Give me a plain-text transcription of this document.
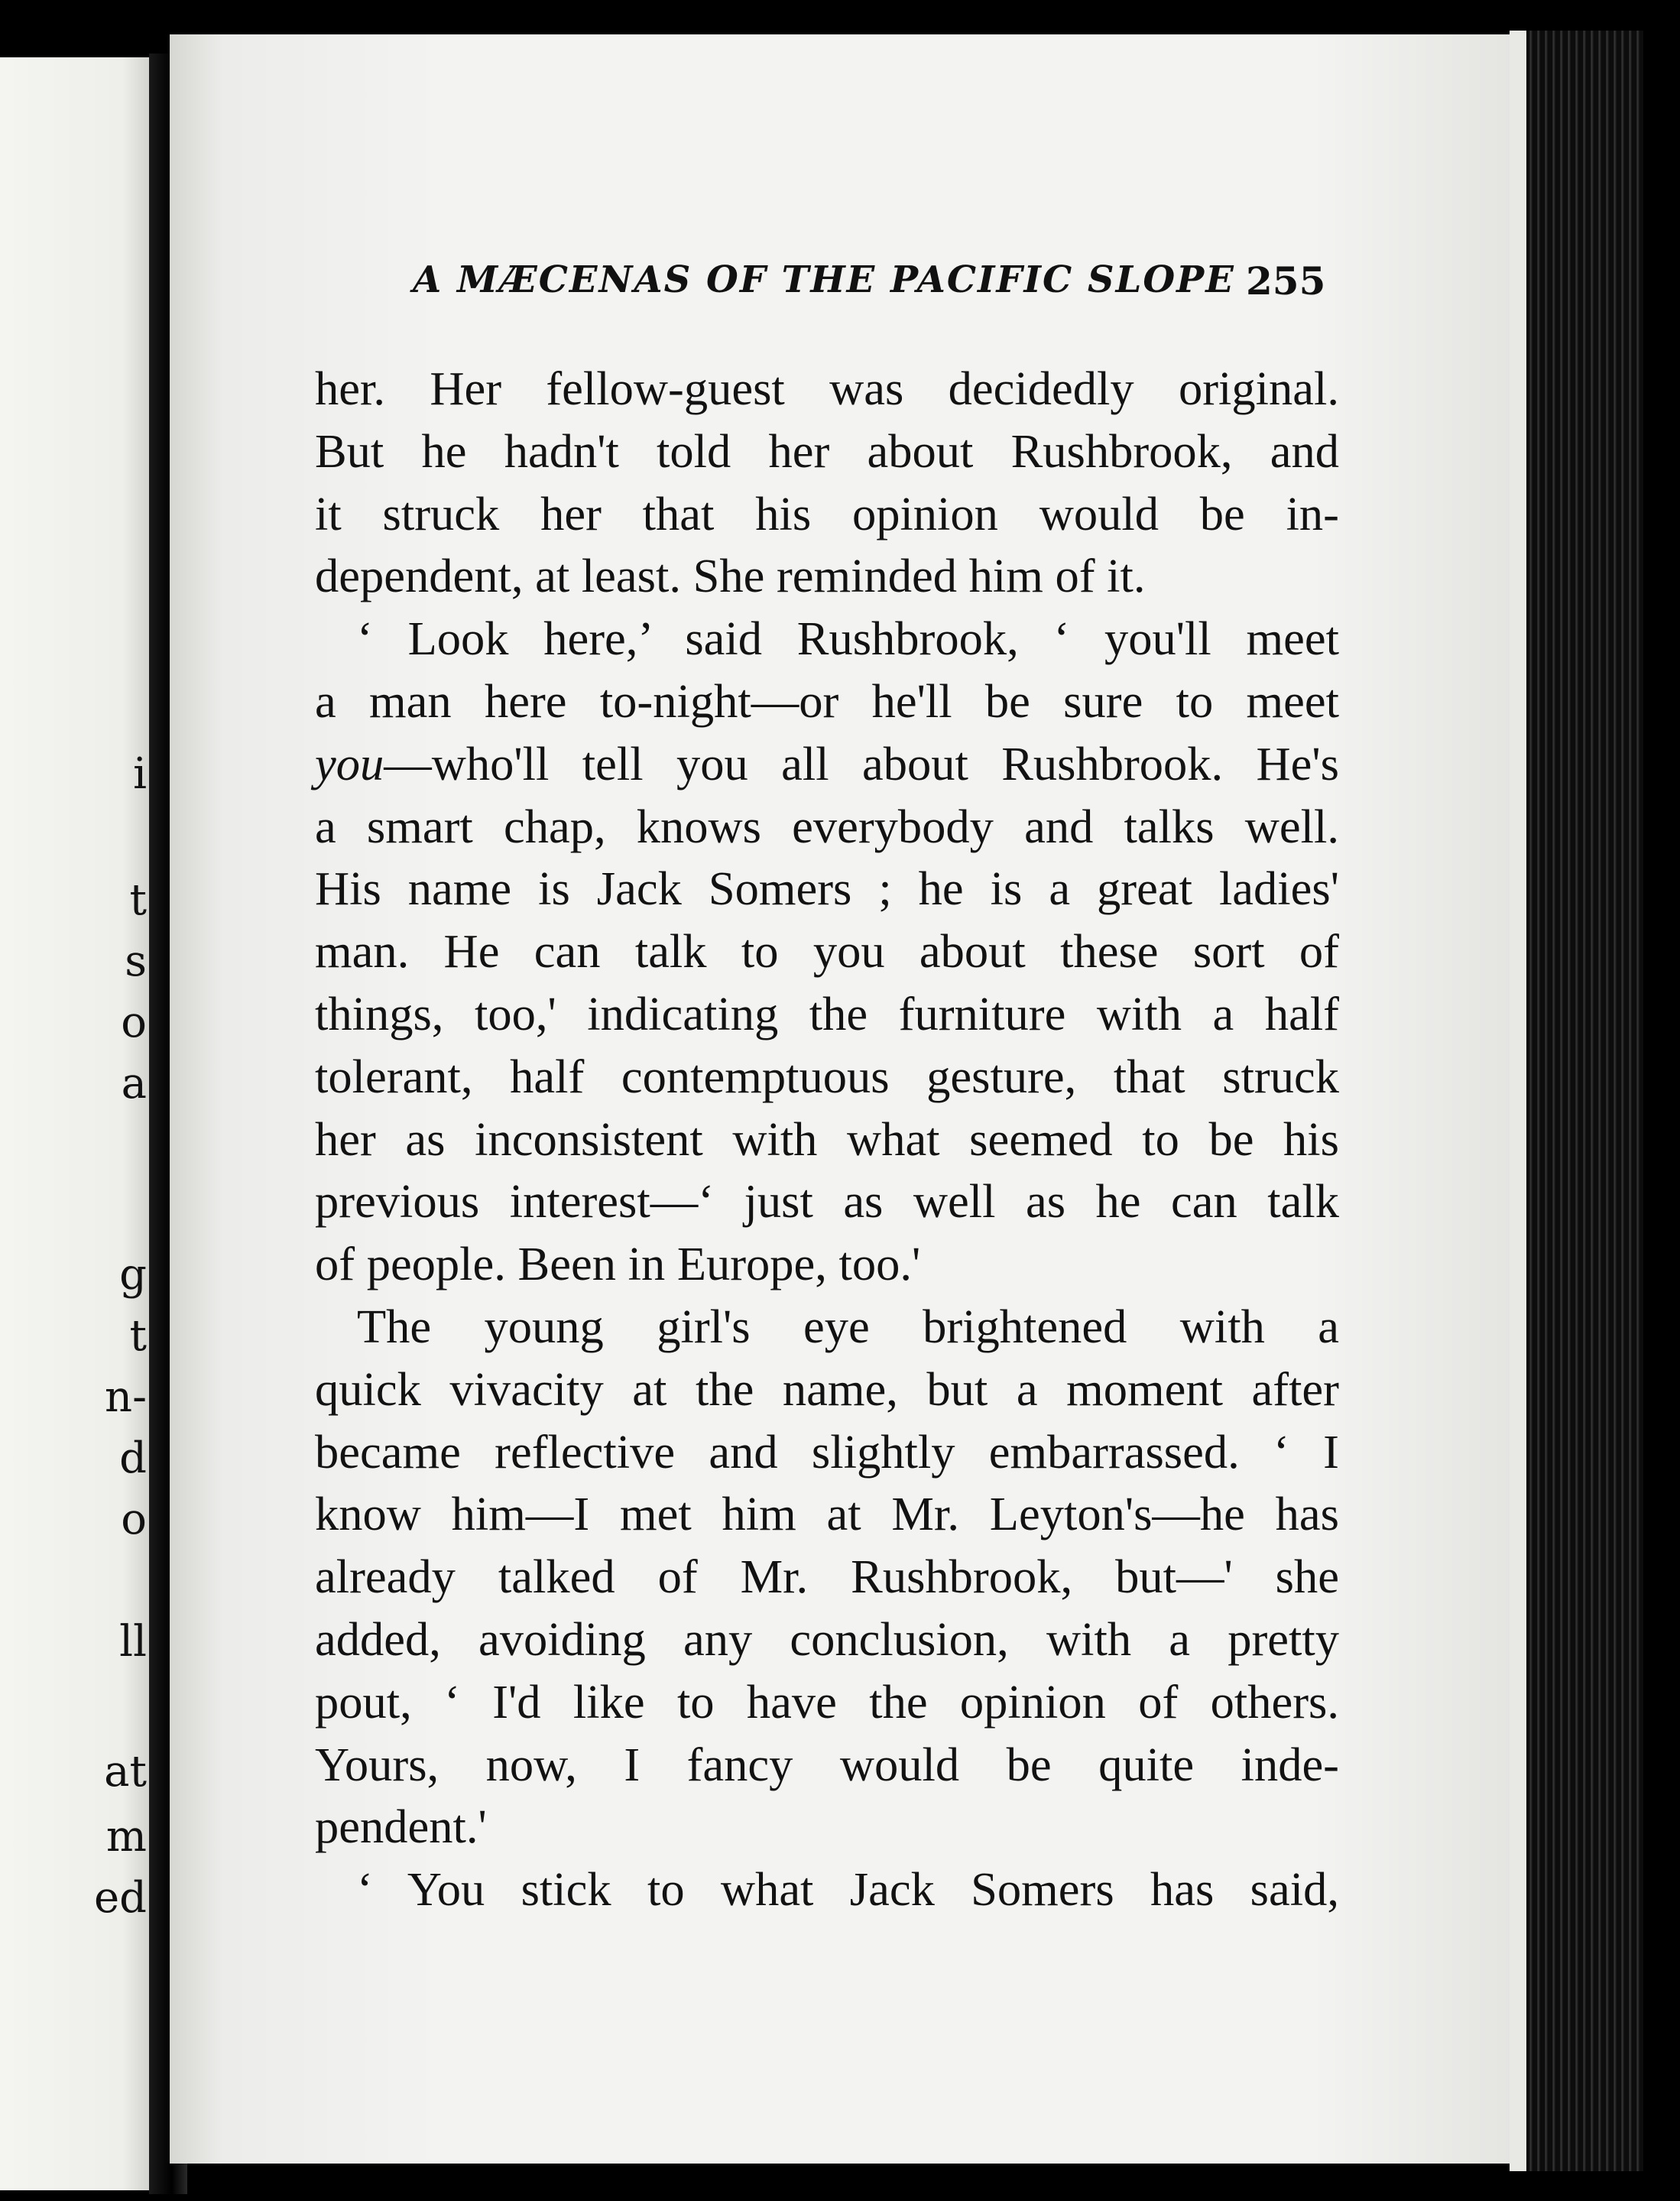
i
t
s
o
a
g
t
n-
d
o
ll
at
m
ed
A MÆCENAS OF THE PACIFIC SLOPE 255
her. Her fellow-guest was decidedly original.
But he hadn't told her about Rushbrook, and
it struck her that his opinion would be in-
dependent, at least. She reminded him of it.
‘ Look here,’ said Rushbrook, ‘ you'll meet
a man here to-night—or he'll be sure to meet
you—who'll tell you all about Rushbrook. He's
a smart chap, knows everybody and talks well.
His name is Jack Somers ; he is a great ladies'
man. He can talk to you about these sort of
things, too,' indicating the furniture with a half
tolerant, half contemptuous gesture, that struck
her as inconsistent with what seemed to be his
previous interest—‘ just as well as he can talk
of people. Been in Europe, too.'
The young girl's eye brightened with a
quick vivacity at the name, but a moment after
became reflective and slightly embarrassed. ‘ I
know him—I met him at Mr. Leyton's—he has
already talked of Mr. Rushbrook, but—' she
added, avoiding any conclusion, with a pretty
pout, ‘ I'd like to have the opinion of others.
Yours, now, I fancy would be quite inde-
pendent.'
‘ You stick to what Jack Somers has said,
